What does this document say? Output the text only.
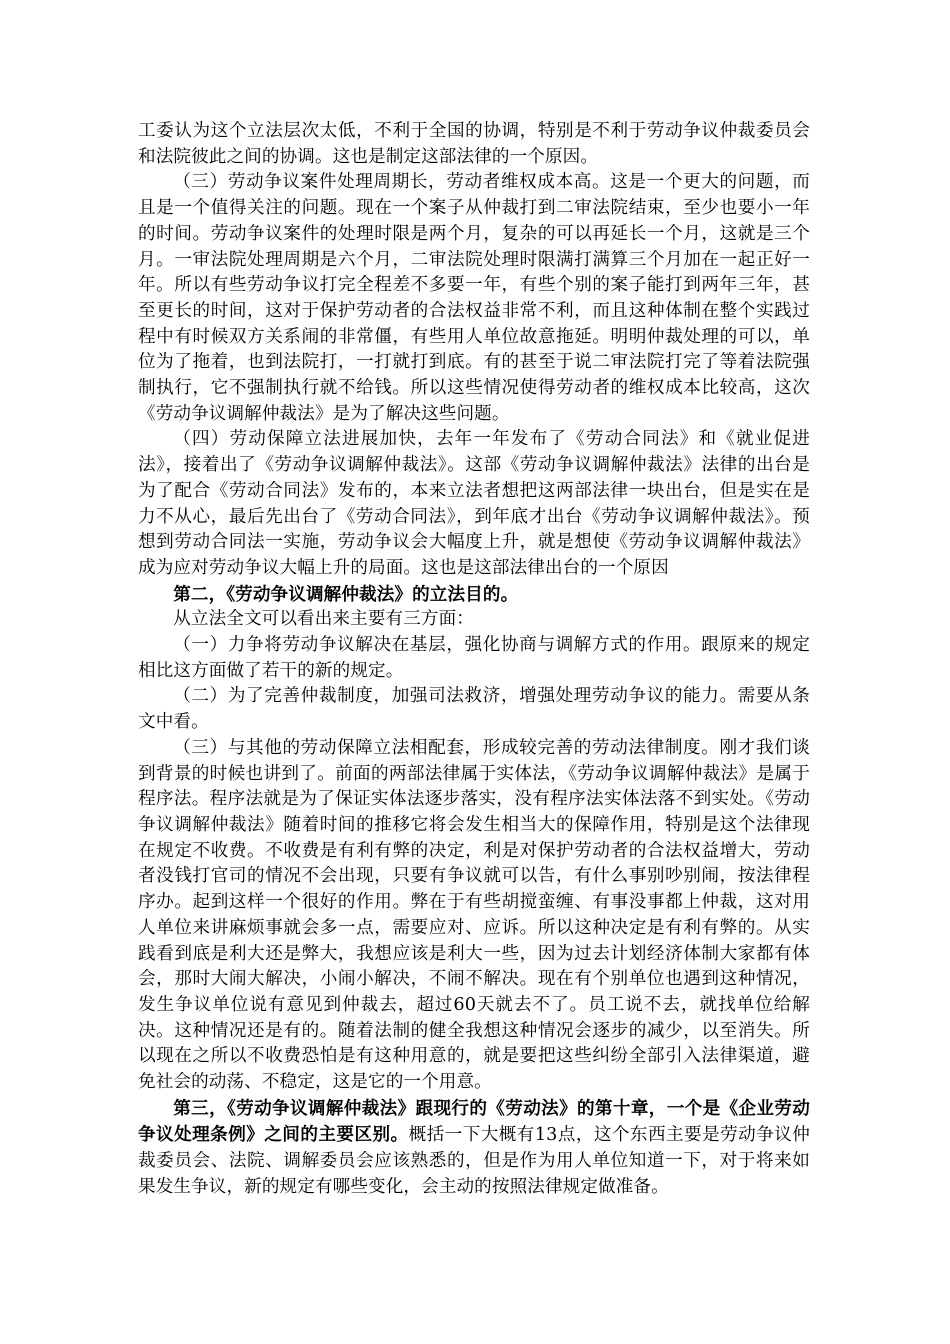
工委认为这个立法层次太低，不利于全国的协调，特别是不利于劳动争议仲裁委员会和法院彼此之间的协调。这也是制定这部法律的一个原因。

（三）劳动争议案件处理周期长，劳动者维权成本高。这是一个更大的问题，而且是一个值得关注的问题。现在一个案子从仲裁打到二审法院结束，至少也要小一年的时间。劳动争议案件的处理时限是两个月，复杂的可以再延长一个月，这就是三个月。一审法院处理周期是六个月，二审法院处理时限满打满算三个月加在一起正好一年。所以有些劳动争议打完全程差不多要一年，有些个别的案子能打到两年三年，甚至更长的时间，这对于保护劳动者的合法权益非常不利，而且这种体制在整个实践过程中有时候双方关系闹的非常僵，有些用人单位故意拖延。明明仲裁处理的可以，单位为了拖着，也到法院打，一打就打到底。有的甚至于说二审法院打完了等着法院强制执行，它不强制执行就不给钱。所以这些情况使得劳动者的维权成本比较高，这次《劳动争议调解仲裁法》是为了解决这些问题。

（四）劳动保障立法进展加快，去年一年发布了《劳动合同法》和《就业促进法》，接着出了《劳动争议调解仲裁法》。这部《劳动争议调解仲裁法》法律的出台是为了配合《劳动合同法》发布的，本来立法者想把这两部法律一块出台，但是实在是力不从心，最后先出台了《劳动合同法》，到年底才出台《劳动争议调解仲裁法》。预想到劳动合同法一实施，劳动争议会大幅度上升，就是想使《劳动争议调解仲裁法》成为应对劳动争议大幅上升的局面。这也是这部法律出台的一个原因

第二，《劳动争议调解仲裁法》的立法目的。

从立法全文可以看出来主要有三方面：

（一）力争将劳动争议解决在基层，强化协商与调解方式的作用。跟原来的规定相比这方面做了若干的新的规定。

（二）为了完善仲裁制度，加强司法救济，增强处理劳动争议的能力。需要从条文中看。

（三）与其他的劳动保障立法相配套，形成较完善的劳动法律制度。刚才我们谈到背景的时候也讲到了。前面的两部法律属于实体法，《劳动争议调解仲裁法》是属于程序法。程序法就是为了保证实体法逐步落实，没有程序法实体法落不到实处。《劳动争议调解仲裁法》随着时间的推移它将会发生相当大的保障作用，特别是这个法律现在规定不收费。不收费是有利有弊的决定，利是对保护劳动者的合法权益增大，劳动者没钱打官司的情况不会出现，只要有争议就可以告，有什么事别吵别闹，按法律程序办。起到这样一个很好的作用。弊在于有些胡搅蛮缠、有事没事都上仲裁，这对用人单位来讲麻烦事就会多一点，需要应对、应诉。所以这种决定是有利有弊的。从实践看到底是利大还是弊大，我想应该是利大一些，因为过去计划经济体制大家都有体会，那时大闹大解决，小闹小解决，不闹不解决。现在有个别单位也遇到这种情况，发生争议单位说有意见到仲裁去，超过60天就去不了。员工说不去，就找单位给解决。这种情况还是有的。随着法制的健全我想这种情况会逐步的减少，以至消失。所以现在之所以不收费恐怕是有这种用意的，就是要把这些纠纷全部引入法律渠道，避免社会的动荡、不稳定，这是它的一个用意。

第三，《劳动争议调解仲裁法》跟现行的《劳动法》的第十章，一个是《企业劳动争议处理条例》之间的主要区别。概括一下大概有13点，这个东西主要是劳动争议仲裁委员会、法院、调解委员会应该熟悉的，但是作为用人单位知道一下，对于将来如果发生争议，新的规定有哪些变化，会主动的按照法律规定做准备。
